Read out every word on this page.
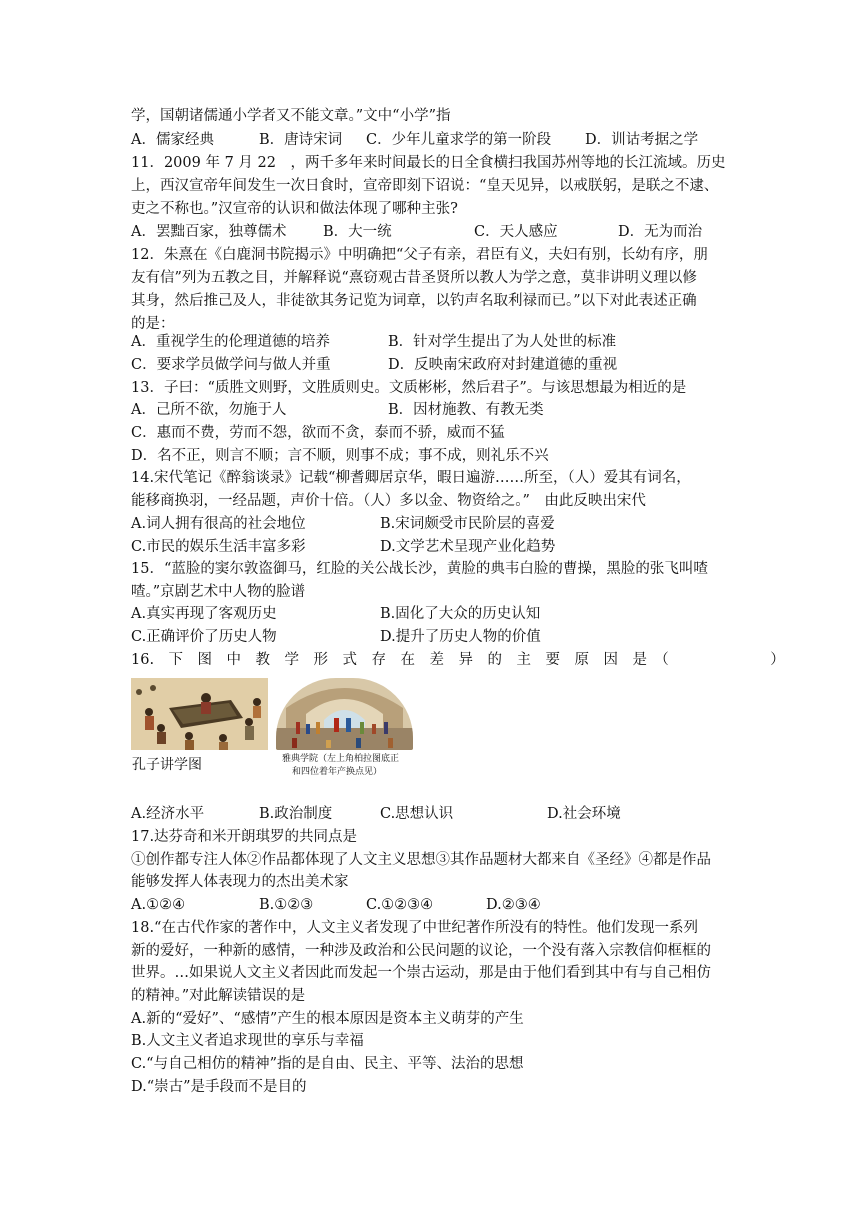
学，国朝诸儒通小学者又不能文章。”文中“小学”指
A．儒家经典	B．唐诗宋词 C．少年儿童求学的第一阶段 D．训诂考据之学
11．2009 年 7 月 22　，两千多年来时间最长的日全食横扫我国苏州等地的长江流域。历史
上，西汉宣帝年间发生一次日食时，宣帝即刻下诏说：“皇天见异，以戒朕躬，是联之不逮、
吏之不称也。”汉宣帝的认识和做法体现了哪种主张?
A．罢黜百家，独尊儒术	B．大一统	C．天人感应	D．无为而治
12．朱熹在《白鹿洞书院揭示》中明确把“父子有亲，君臣有义，夫妇有别，长幼有序，朋
友有信”列为五教之目，并解释说“熹窃观古昔圣贤所以教人为学之意，莫非讲明义理以修
其身，然后推己及人，非徒欲其务记览为词章，以钓声名取利禄而已。”以下对此表述正确
的是：
A．重视学生的伦理道德的培养	B．针对学生提出了为人处世的标准
C．要求学员做学问与做人并重	D．反映南宋政府对封建道德的重视
13．子曰：“质胜文则野，文胜质则史。文质彬彬，然后君子”。与该思想最为相近的是
A．己所不欲，勿施于人	B．因材施教、有教无类
C．惠而不费，劳而不怨，欲而不贪，泰而不骄，威而不猛
D．名不正，则言不顺；言不顺，则事不成；事不成，则礼乐不兴
14.宋代笔记《醉翁谈录》记载“柳耆卿居京华，暇日遍游……所至，（人）爱其有词名，
能移商换羽，一经品题，声价十倍。（人）多以金、物资给之。”　由此反映出宋代
A.词人拥有很高的社会地位	B.宋词颇受市民阶层的喜爱
C.市民的娱乐生活丰富多彩	D.文学艺术呈现产业化趋势
15．“蓝脸的窦尔敦盗御马，红脸的关公战长沙，黄脸的典韦白脸的曹操，黑脸的张飞叫喳
喳。”京剧艺术中人物的脸谱
A.真实再现了客观历史	B.固化了大众的历史认知
C.正确评价了历史人物	D.提升了历史人物的价值
16.　下　图　中　教　学　形　式　存　在　差　异　的　主　要　原　因　是　（　　　　　　　）
孔子讲学图	雅典学院（左上角柏拉图底正
和四位着年产换点见）
A.经济水平	B.政治制度	C.思想认识	D.社会环境
17.达芬奇和米开朗琪罗的共同点是
①创作都专注人体②作品都体现了人文主义思想③其作品题材大都来自《圣经》④都是作品
能够发挥人体表现力的杰出美术家
A.①②④	B.①②③	C.①②③④	D.②③④
18.“在古代作家的著作中，人文主义者发现了中世纪著作所没有的特性。他们发现一系列
新的爱好，一种新的感情，一种涉及政治和公民问题的议论，一个没有落入宗教信仰框框的
世界。…如果说人文主义者因此而发起一个崇古运动，那是由于他们看到其中有与自己相仿
的精神。”对此解读错误的是
A.新的“爱好”、“感情”产生的根本原因是资本主义萌芽的产生
B.人文主义者追求现世的享乐与幸福
C.“与自己相仿的精神”指的是自由、民主、平等、法治的思想
D.“崇古”是手段而不是目的
